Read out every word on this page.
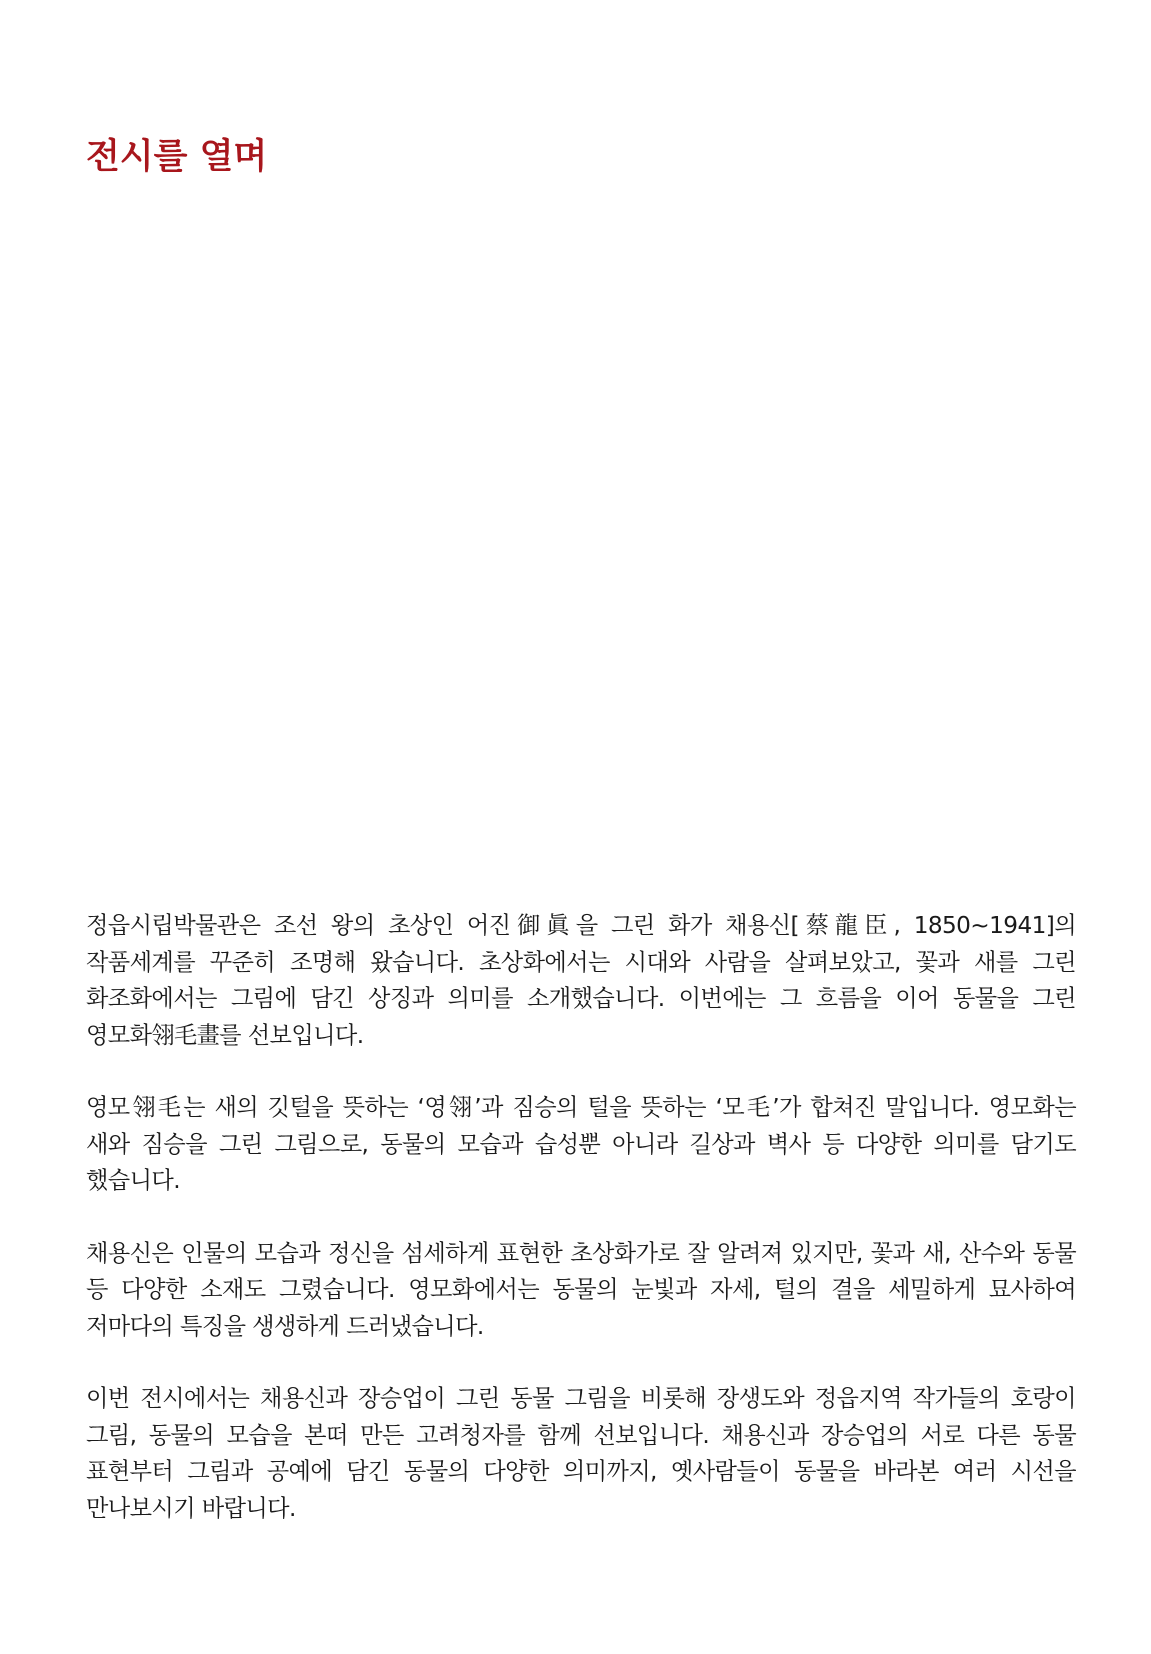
전시를 열며

정읍시립박물관은 조선 왕의 초상인 어진御眞을 그린 화가 채용신[蔡龍臣, 1850~1941]의 작품세계를 꾸준히 조명해 왔습니다. 초상화에서는 시대와 사람을 살펴보았고, 꽃과 새를 그린 화조화에서는 그림에 담긴 상징과 의미를 소개했습니다. 이번에는 그 흐름을 이어 동물을 그린 영모화翎毛畫를 선보입니다.

영모翎毛는 새의 깃털을 뜻하는 ‘영翎’과 짐승의 털을 뜻하는 ‘모毛’가 합쳐진 말입니다. 영모화는 새와 짐승을 그린 그림으로, 동물의 모습과 습성뿐 아니라 길상과 벽사 등 다양한 의미를 담기도 했습니다.

채용신은 인물의 모습과 정신을 섬세하게 표현한 초상화가로 잘 알려져 있지만, 꽃과 새, 산수와 동물 등 다양한 소재도 그렸습니다. 영모화에서는 동물의 눈빛과 자세, 털의 결을 세밀하게 묘사하여 저마다의 특징을 생생하게 드러냈습니다.

이번 전시에서는 채용신과 장승업이 그린 동물 그림을 비롯해 장생도와 정읍지역 작가들의 호랑이 그림, 동물의 모습을 본떠 만든 고려청자를 함께 선보입니다. 채용신과 장승업의 서로 다른 동물 표현부터 그림과 공예에 담긴 동물의 다양한 의미까지, 옛사람들이 동물을 바라본 여러 시선을 만나보시기 바랍니다.
